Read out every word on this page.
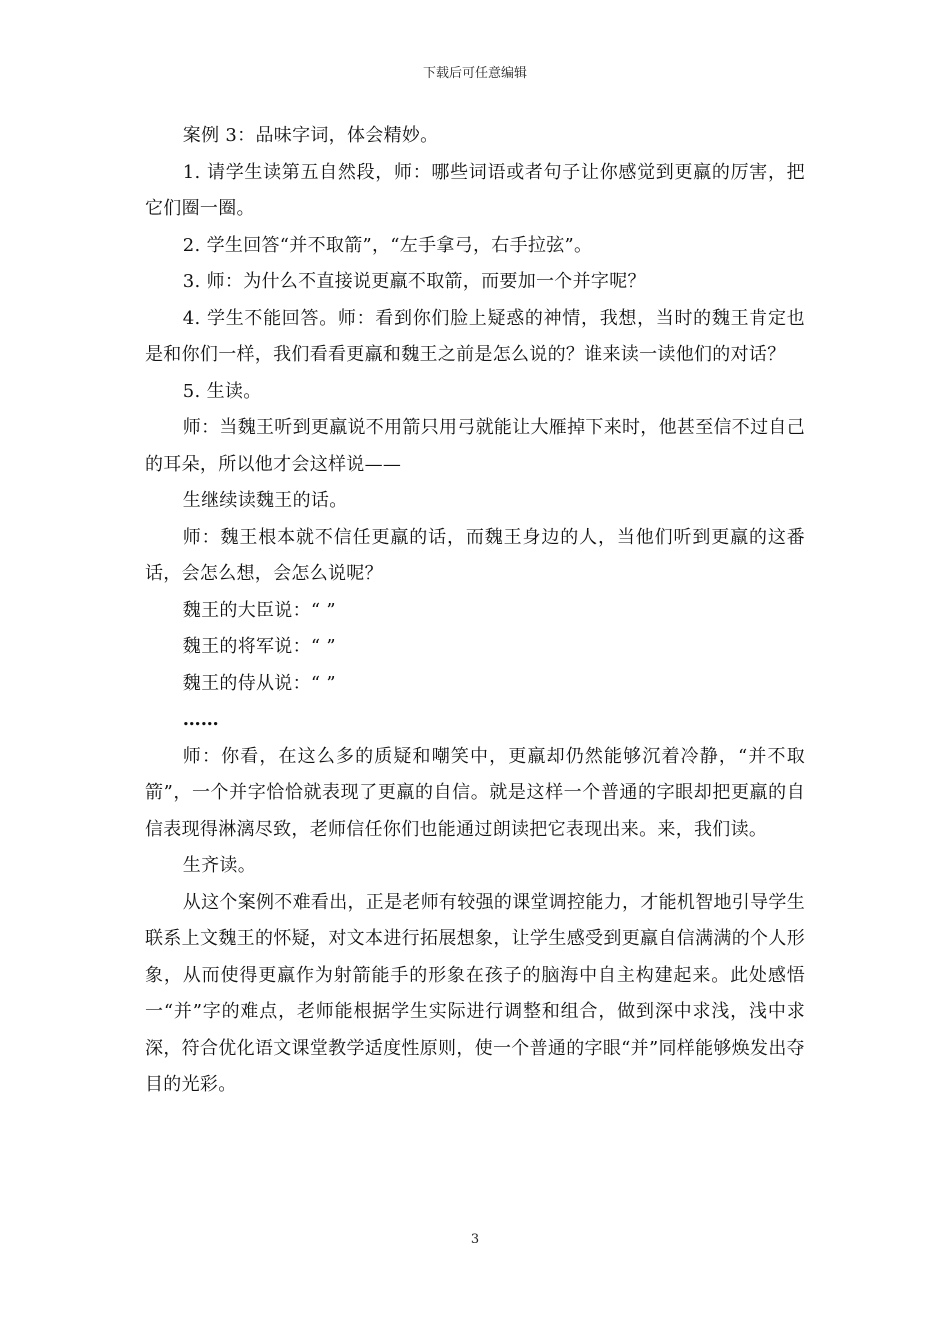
下载后可任意编辑

案例 3：品味字词，体会精妙。

1. 请学生读第五自然段，师：哪些词语或者句子让你感觉到更羸的厉害，把它们圈一圈。

2. 学生回答“并不取箭”，“左手拿弓，右手拉弦”。

3. 师：为什么不直接说更羸不取箭，而要加一个并字呢？

4. 学生不能回答。师：看到你们脸上疑惑的神情，我想，当时的魏王肯定也是和你们一样，我们看看更羸和魏王之前是怎么说的？谁来读一读他们的对话？

5. 生读。

师：当魏王听到更羸说不用箭只用弓就能让大雁掉下来时，他甚至信不过自己的耳朵，所以他才会这样说——

生继续读魏王的话。

师：魏王根本就不信任更羸的话，而魏王身边的人，当他们听到更羸的这番话，会怎么想，会怎么说呢？

魏王的大臣说：“ ”

魏王的将军说：“ ”

魏王的侍从说：“ ”

……

师：你看，在这么多的质疑和嘲笑中，更羸却仍然能够沉着冷静，“并不取箭”，一个并字恰恰就表现了更羸的自信。就是这样一个普通的字眼却把更羸的自信表现得淋漓尽致，老师信任你们也能通过朗读把它表现出来。来，我们读。

生齐读。

从这个案例不难看出，正是老师有较强的课堂调控能力，才能机智地引导学生联系上文魏王的怀疑，对文本进行拓展想象，让学生感受到更羸自信满满的个人形象，从而使得更羸作为射箭能手的形象在孩子的脑海中自主构建起来。此处感悟一“并”字的难点，老师能根据学生实际进行调整和组合，做到深中求浅，浅中求深，符合优化语文课堂教学适度性原则，使一个普通的字眼“并”同样能够焕发出夺目的光彩。

3
